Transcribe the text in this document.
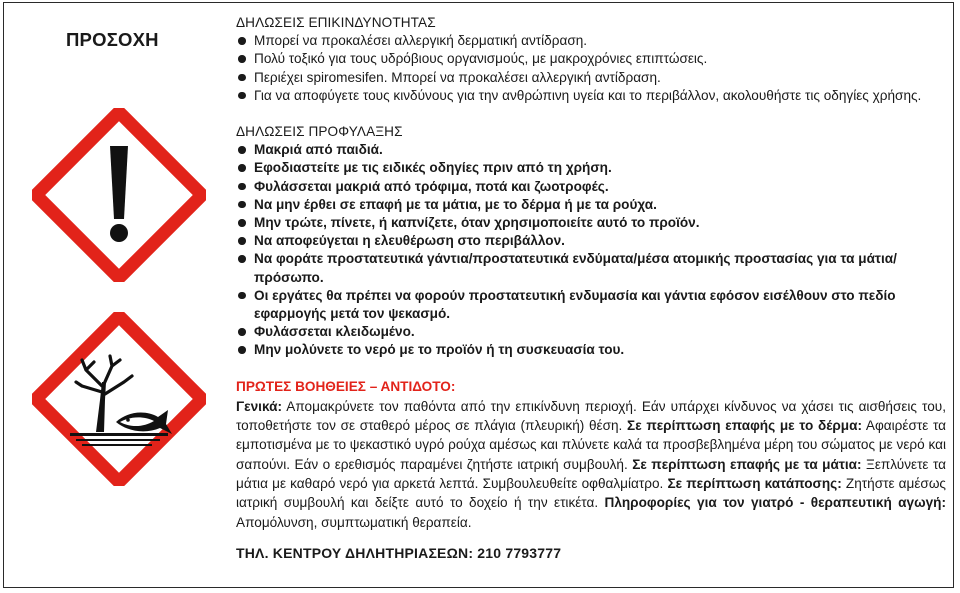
ΠΡΟΣΟΧΗ
ΔΗΛΩΣΕΙΣ ΕΠΙΚΙΝΔΥΝΟΤΗΤΑΣ
Μπορεί να προκαλέσει αλλεργική δερματική αντίδραση.
Πολύ τοξικό για τους υδρόβιους οργανισμούς, με μακροχρόνιες επιπτώσεις.
Περιέχει spiromesifen. Μπορεί να προκαλέσει αλλεργική αντίδραση.
Για να αποφύγετε τους κινδύνους για την ανθρώπινη υγεία και το περιβάλλον, ακολουθήστε τις οδηγίες χρήσης.
ΔΗΛΩΣΕΙΣ ΠΡΟΦΥΛΑΞΗΣ
Μακριά από παιδιά.
Εφοδιαστείτε με τις ειδικές οδηγίες πριν από τη χρήση.
Φυλάσσεται μακριά από τρόφιμα, ποτά και ζωοτροφές.
Να μην έρθει σε επαφή με τα μάτια, με το δέρμα ή με τα ρούχα.
Μην τρώτε, πίνετε, ή καπνίζετε, όταν χρησιμοποιείτε αυτό το προϊόν.
Να αποφεύγεται η ελευθέρωση στο περιβάλλον.
Να φοράτε προστατευτικά γάντια/προστατευτικά ενδύματα/μέσα ατομικής προστασίας για τα μάτια/πρόσωπο.
Οι εργάτες θα πρέπει να φορούν προστατευτική ενδυμασία και γάντια εφόσον εισέλθουν στο πεδίο εφαρμογής μετά τον ψεκασμό.
Φυλάσσεται κλειδωμένο.
Μην μολύνετε το νερό με το προϊόν ή τη συσκευασία του.
ΠΡΩΤΕΣ ΒΟΗΘΕΙΕΣ – ΑΝΤΙΔΟΤΟ:

Γενικά: Απομακρύνετε τον παθόντα από την επικίνδυνη περιοχή. Εάν υπάρχει κίνδυνος να χάσει τις αισθήσεις του, τοποθετήστε τον σε σταθερό μέρος σε πλάγια (πλευρική) θέση. Σε περίπτωση επαφής με το δέρμα: Αφαιρέστε τα εμποτισμένα με το ψεκαστικό υγρό ρούχα αμέσως και πλύνετε καλά τα προσβεβλημένα μέρη του σώματος με νερό και σαπούνι. Εάν ο ερεθισμός παραμένει ζητήστε ιατρική συμβουλή. Σε περίπτωση επαφής με τα μάτια: Ξεπλύνετε τα μάτια με καθαρό νερό για αρκετά λεπτά. Συμβουλευθείτε οφθαλμίατρο. Σε περίπτωση κατάποσης: Ζητήστε αμέσως ιατρική συμβουλή και δείξτε αυτό το δοχείο ή την ετικέτα. Πληροφορίες για τον γιατρό - θεραπευτική αγωγή: Απομόλυνση, συμπτωματική θεραπεία.

ΤΗΛ. ΚΕΝΤΡΟΥ ΔΗΛΗΤΗΡΙΑΣΕΩΝ: 210 7793777
